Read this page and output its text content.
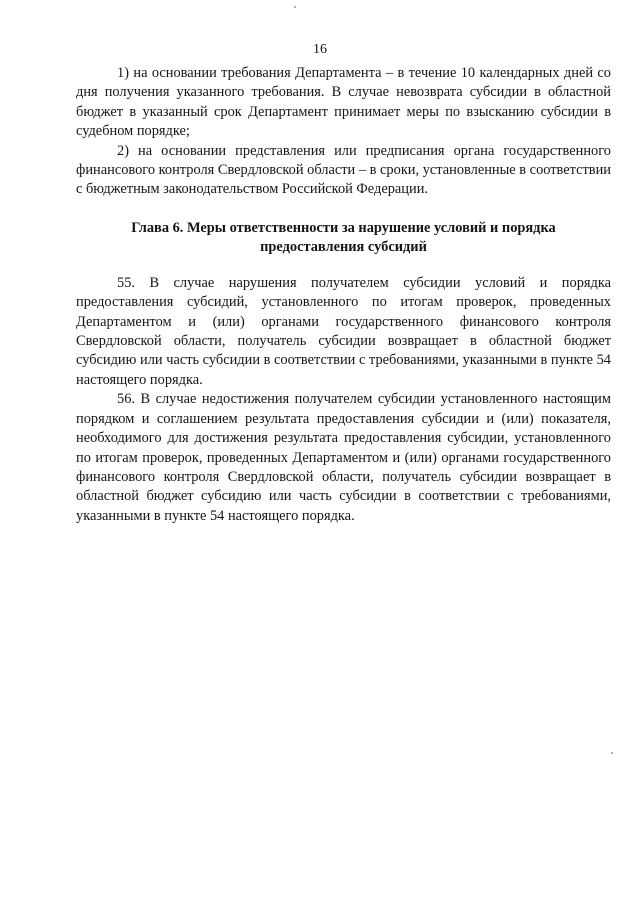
16

1) на основании требования Департамента – в течение 10 календарных дней со дня получения указанного требования. В случае невозврата субсидии в областной бюджет в указанный срок Департамент принимает меры по взысканию субсидии в судебном порядке;

2) на основании представления или предписания органа государственного финансового контроля Свердловской области – в сроки, установленные в соответствии с бюджетным законодательством Российской Федерации.

Глава 6. Меры ответственности за нарушение условий и порядка предоставления субсидий

55. В случае нарушения получателем субсидии условий и порядка предоставления субсидий, установленного по итогам проверок, проведенных Департаментом и (или) органами государственного финансового контроля Свердловской области, получатель субсидии возвращает в областной бюджет субсидию или часть субсидии в соответствии с требованиями, указанными в пункте 54 настоящего порядка.

56. В случае недостижения получателем субсидии установленного настоящим порядком и соглашением результата предоставления субсидии и (или) показателя, необходимого для достижения результата предоставления субсидии, установленного по итогам проверок, проведенных Департаментом и (или) органами государственного финансового контроля Свердловской области, получатель субсидии возвращает в областной бюджет субсидию или часть субсидии в соответствии с требованиями, указанными в пункте 54 настоящего порядка.
